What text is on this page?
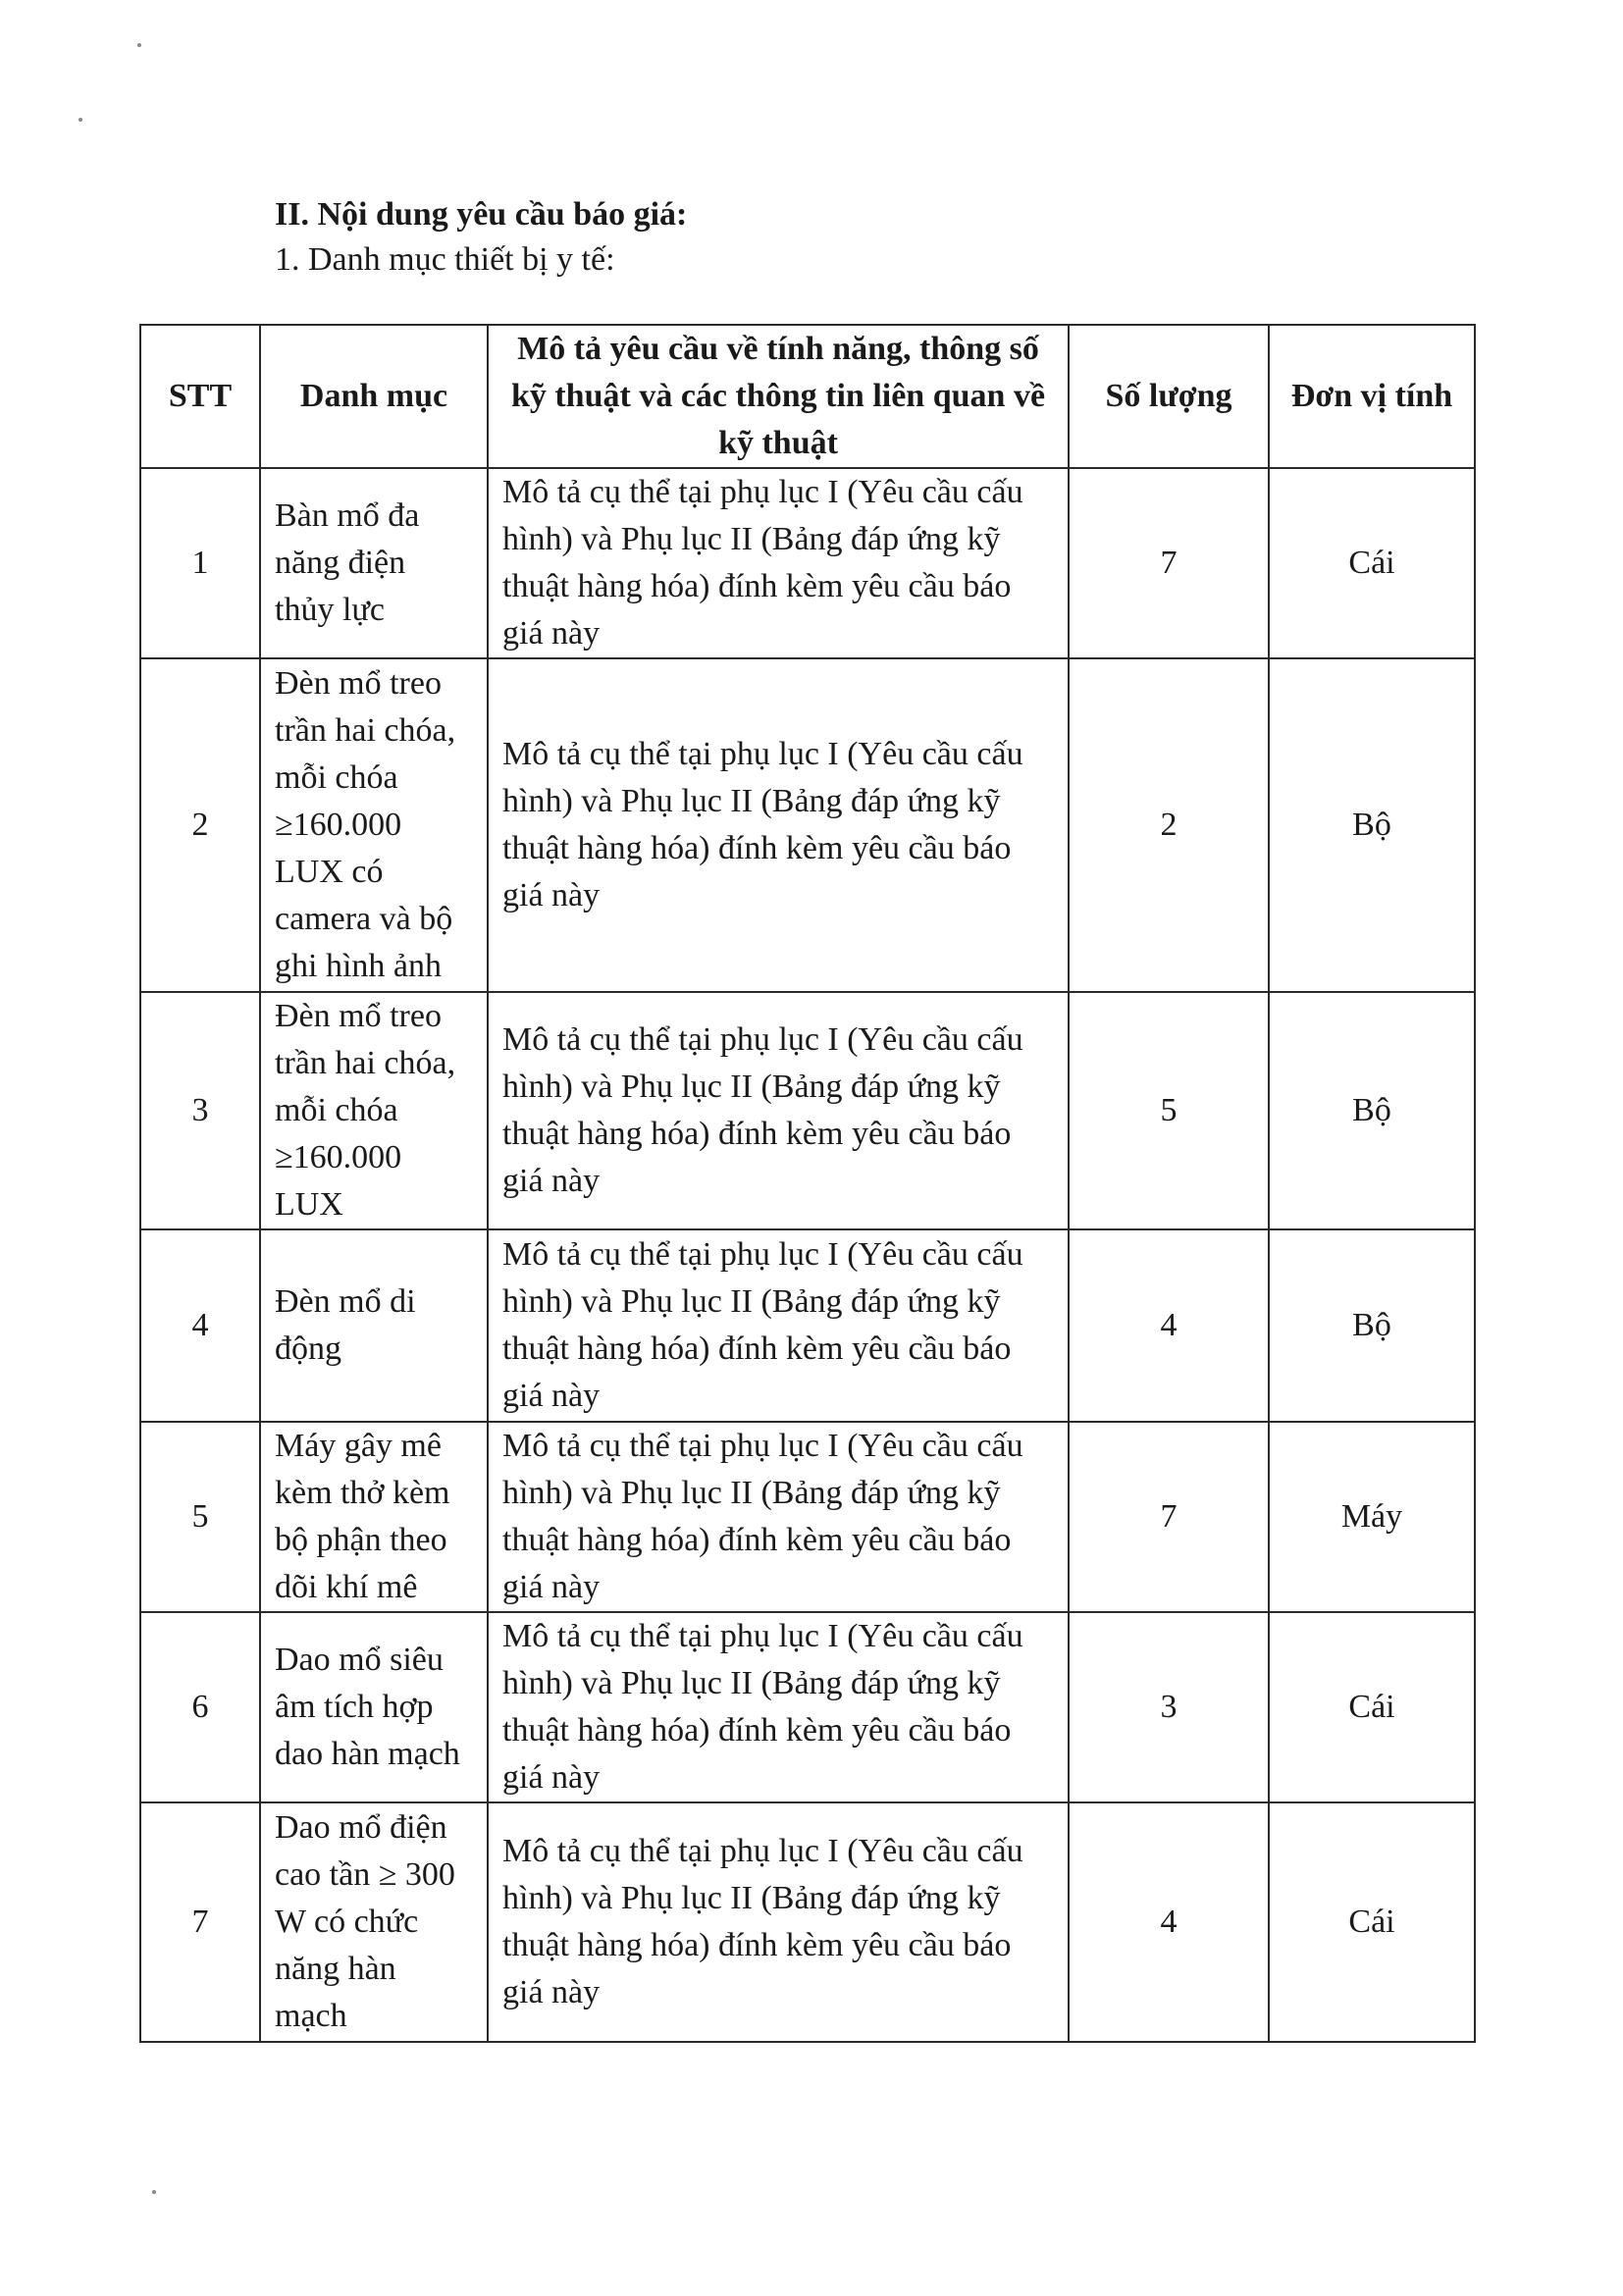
II. Nội dung yêu cầu báo giá:
1. Danh mục thiết bị y tế:
STT	Danh mục	Mô tả yêu cầu về tính năng, thông số kỹ thuật và các thông tin liên quan về kỹ thuật	Số lượng	Đơn vị tính
1	Bàn mổ đa năng điện thủy lực	Mô tả cụ thể tại phụ lục I (Yêu cầu cấu hình) và Phụ lục II (Bảng đáp ứng kỹ thuật hàng hóa) đính kèm yêu cầu báo giá này	7	Cái
2	Đèn mổ treo trần hai chóa, mỗi chóa ≥160.000 LUX có camera và bộ ghi hình ảnh	Mô tả cụ thể tại phụ lục I (Yêu cầu cấu hình) và Phụ lục II (Bảng đáp ứng kỹ thuật hàng hóa) đính kèm yêu cầu báo giá này	2	Bộ
3	Đèn mổ treo trần hai chóa, mỗi chóa ≥160.000 LUX	Mô tả cụ thể tại phụ lục I (Yêu cầu cấu hình) và Phụ lục II (Bảng đáp ứng kỹ thuật hàng hóa) đính kèm yêu cầu báo giá này	5	Bộ
4	Đèn mổ di động	Mô tả cụ thể tại phụ lục I (Yêu cầu cấu hình) và Phụ lục II (Bảng đáp ứng kỹ thuật hàng hóa) đính kèm yêu cầu báo giá này	4	Bộ
5	Máy gây mê kèm thở kèm bộ phận theo dõi khí mê	Mô tả cụ thể tại phụ lục I (Yêu cầu cấu hình) và Phụ lục II (Bảng đáp ứng kỹ thuật hàng hóa) đính kèm yêu cầu báo giá này	7	Máy
6	Dao mổ siêu âm tích hợp dao hàn mạch	Mô tả cụ thể tại phụ lục I (Yêu cầu cấu hình) và Phụ lục II (Bảng đáp ứng kỹ thuật hàng hóa) đính kèm yêu cầu báo giá này	3	Cái
7	Dao mổ điện cao tần ≥ 300 W có chức năng hàn mạch	Mô tả cụ thể tại phụ lục I (Yêu cầu cấu hình) và Phụ lục II (Bảng đáp ứng kỹ thuật hàng hóa) đính kèm yêu cầu báo giá này	4	Cái
